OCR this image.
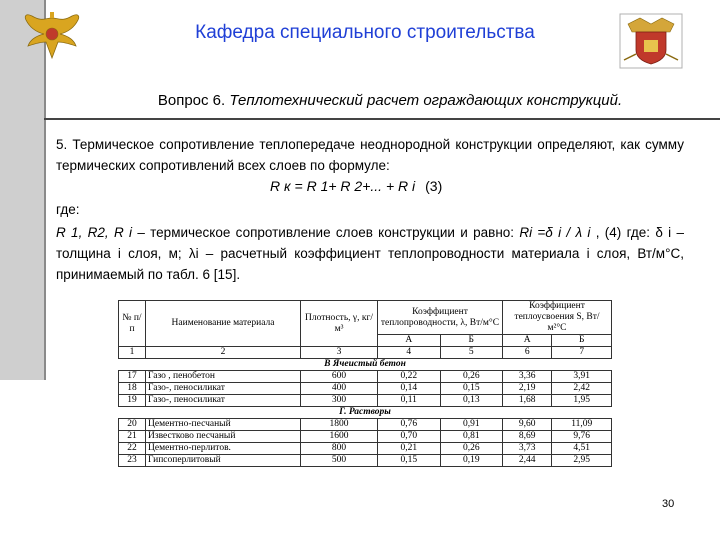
Кафедра специального строительства
Вопрос 6. Теплотехнический расчет ограждающих конструкций.
5. Термическое сопротивление теплопередаче неоднородной конструкции определяют, как сумму термических сопротивлений всех слоев по формуле:
R к = R 1+ R 2+... + R i (3)
где:
R 1, R2, R i – термическое сопротивление слоев конструкции и равно: Ri =δ i / λ i , (4) где: δ i – толщина i слоя, м; λi – расчетный коэффициент теплопроводности материала i слоя, Вт/м°С, принимаемый по табл. 6 [15].
№ п/п	Наименование материала	Плотность, γ, кг/м³	Коэффициент теплопроводности, λ, Вт/м°С		Коэффициент теплоусвоения S, Вт/м²°С	
			А	Б	А	Б
1	2	3	4	5	6	7
В Ячеистый бетон						
17	Газо , пенобетон	600	0,22	0,26	3,36	3,91
18	Газо-, пеносиликат	400	0,14	0,15	2,19	2,42
19	Газо-, пеносиликат	300	0,11	0,13	1,68	1,95
Г. Растворы						
20	Цементно-песчаный	1800	0,76	0,91	9,60	11,09
21	Известково песчаный	1600	0,70	0,81	8,69	9,76
22	Цементно-перлитов.	800	0,21	0,26	3,73	4,51
23	Гипсоперлитовый	500	0,15	0,19	2,44	2,95
30
